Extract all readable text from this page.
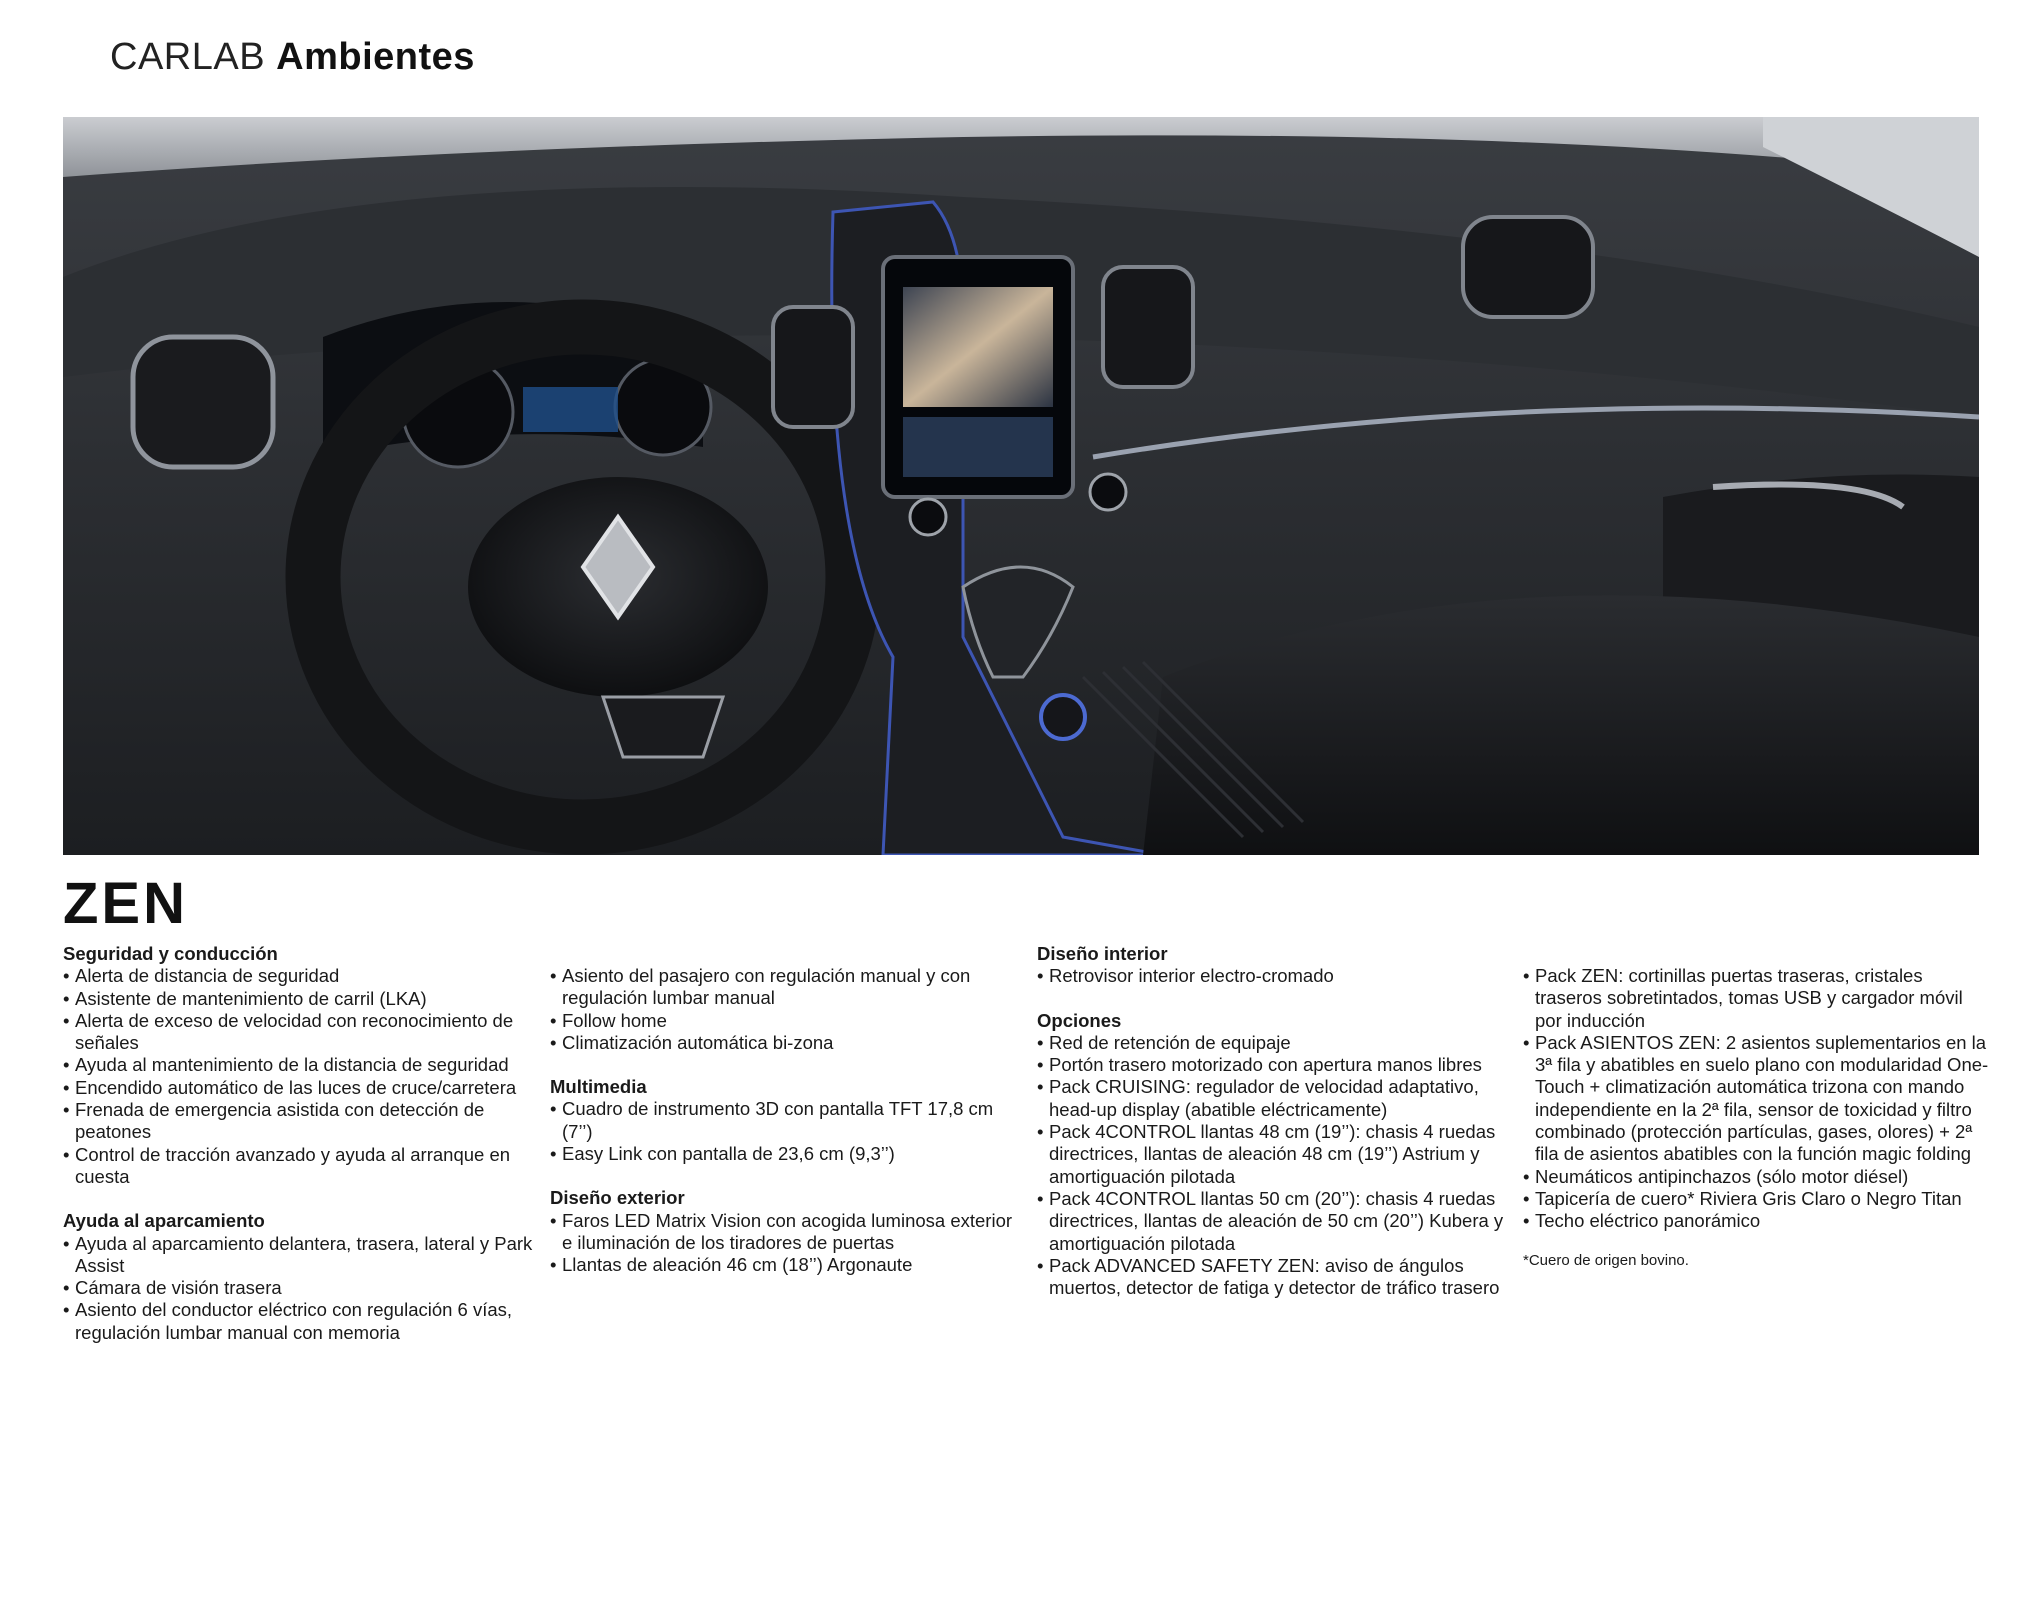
CARLAB Ambientes
ZEN
Seguridad y conducción
• Alerta de distancia de seguridad
• Asistente de mantenimiento de carril (LKA)
• Alerta de exceso de velocidad con reconocimiento de señales
• Ayuda al mantenimiento de la distancia de seguridad
• Encendido automático de las luces de cruce/carretera
• Frenada de emergencia asistida con detección de peatones
• Control de tracción avanzado y ayuda al arranque en cuesta
Ayuda al aparcamiento
• Ayuda al aparcamiento delantera, trasera, lateral y Park Assist
• Cámara de visión trasera
• Asiento del conductor eléctrico con regulación 6 vías, regulación lumbar manual con memoria
• Asiento del pasajero con regulación manual y con regulación lumbar manual
• Follow home
• Climatización automática bi-zona
Multimedia
• Cuadro de instrumento 3D con pantalla TFT 17,8 cm (7’’)
• Easy Link con pantalla de 23,6 cm (9,3’’)
Diseño exterior
• Faros LED Matrix Vision con acogida luminosa exterior e iluminación de los tiradores de puertas
• Llantas de aleación 46 cm (18’’) Argonaute
Diseño interior
• Retrovisor interior electro-cromado
Opciones
• Red de retención de equipaje
• Portón trasero motorizado con apertura manos libres
• Pack CRUISING: regulador de velocidad adaptativo, head-up display (abatible eléctricamente)
• Pack 4CONTROL llantas 48 cm (19’’): chasis 4 ruedas directrices, llantas de aleación 48 cm (19’’) Astrium y amortiguación pilotada
• Pack 4CONTROL llantas 50 cm (20’’): chasis 4 ruedas directrices, llantas de aleación de 50 cm (20’’) Kubera y amortiguación pilotada
• Pack ADVANCED SAFETY ZEN: aviso de ángulos muertos, detector de fatiga y detector de tráfico trasero
• Pack ZEN: cortinillas puertas traseras, cristales traseros sobretintados, tomas USB y cargador móvil por inducción
• Pack ASIENTOS ZEN: 2 asientos suplementarios en la 3ª fila y abatibles en suelo plano con modularidad One-Touch + climatización automática trizona con mando independiente en la 2ª fila, sensor de toxicidad y filtro combinado (protección partículas, gases, olores) + 2ª fila de asientos abatibles con la función magic folding
• Neumáticos antipinchazos (sólo motor diésel)
• Tapicería de cuero* Riviera Gris Claro o Negro Titan
• Techo eléctrico panorámico
*Cuero de origen bovino.
